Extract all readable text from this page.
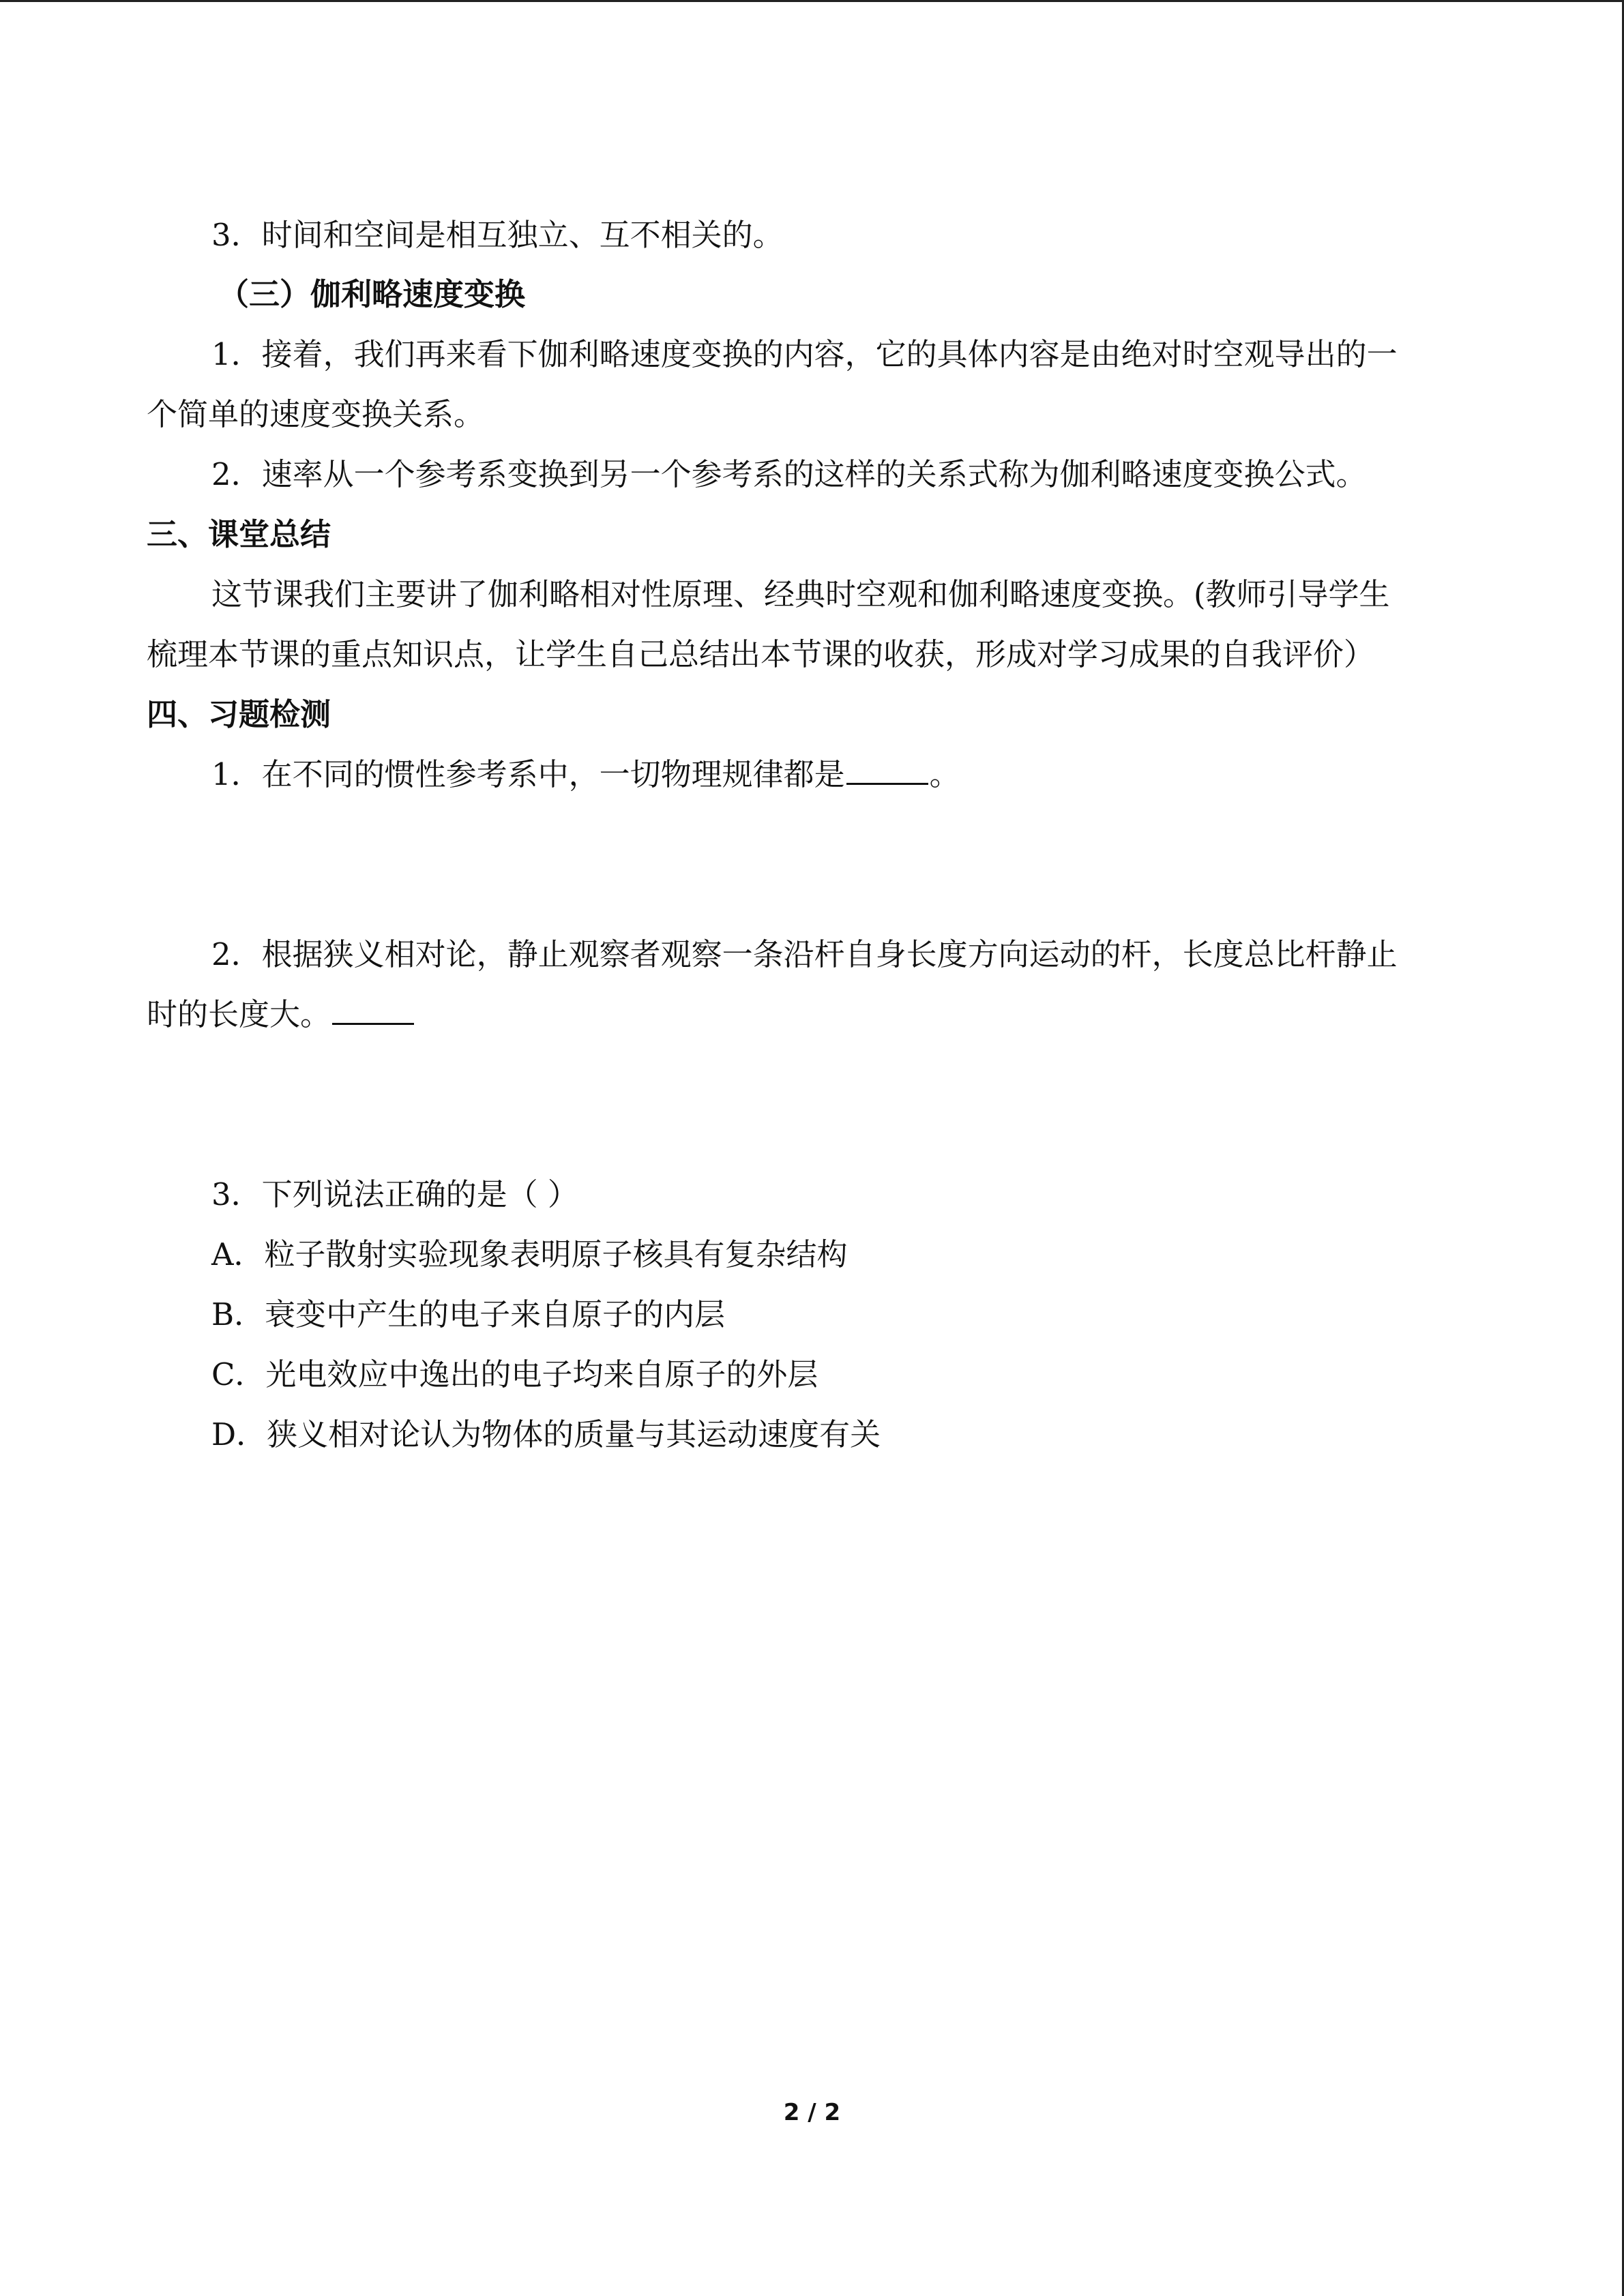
3．时间和空间是相互独立、互不相关的。
（三）伽利略速度变换
1．接着，我们再来看下伽利略速度变换的内容，它的具体内容是由绝对时空观导出的一
个简单的速度变换关系。
2．速率从一个参考系变换到另一个参考系的这样的关系式称为伽利略速度变换公式。
三、课堂总结
这节课我们主要讲了伽利略相对性原理、经典时空观和伽利略速度变换。(教师引导学生
梳理本节课的重点知识点，让学生自己总结出本节课的收获，形成对学习成果的自我评价）
四、习题检测
1．在不同的惯性参考系中，一切物理规律都是	。
2．根据狭义相对论，静止观察者观察一条沿杆自身长度方向运动的杆，长度总比杆静止
时的长度大。
3．下列说法正确的是（ ）
A．粒子散射实验现象表明原子核具有复杂结构
B．衰变中产生的电子来自原子的内层
C．光电效应中逸出的电子均来自原子的外层
D．狭义相对论认为物体的质量与其运动速度有关
2 / 2
